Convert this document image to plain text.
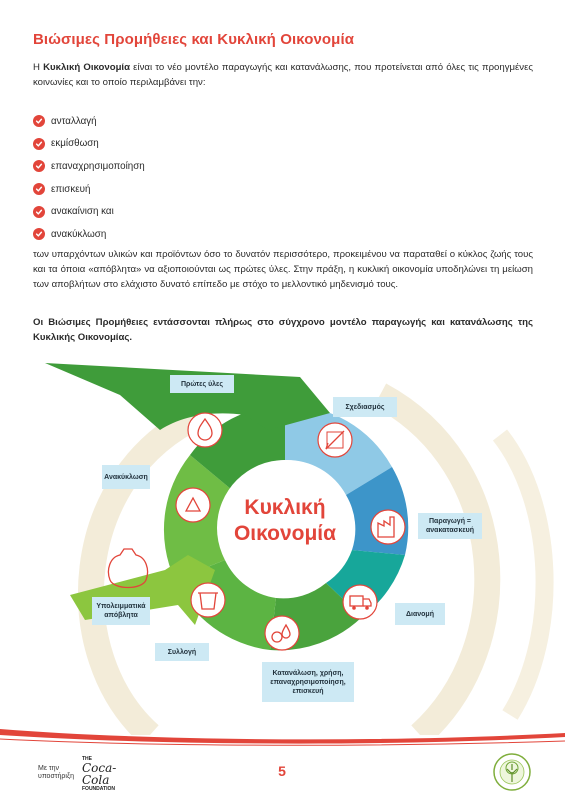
Βιώσιμες Προμήθειες και Κυκλική Οικονομία

Η Κυκλική Οικονομία είναι το νέο μοντέλο παραγωγής και κατανάλωσης, που προτείνεται από όλες τις προηγμένες κοινωνίες και το οποίο περιλαμβάνει την:

ανταλλαγή
εκμίσθωση
επαναχρησιμοποίηση
επισκευή
ανακαίνιση και
ανακύκλωση

των υπαρχόντων υλικών και προϊόντων όσο το δυνατόν περισσότερο, προκειμένου να παραταθεί ο κύκλος ζωής τους και τα όποια «απόβλητα» να αξιοποιούνται ως πρώτες ύλες. Στην πράξη, η κυκλική οικονομία υποδηλώνει τη μείωση των αποβλήτων στο ελάχιστο δυνατό επίπεδο με στόχο το μελλοντικό μηδενισμό τους.

Οι Βιώσιμες Προμήθειες εντάσσονται πλήρως στο σύγχρονο μοντέλο παραγωγής και κατανάλωσης της Κυκλικής Οικονομίας.

Κυκλική
Οικονομία
Πρώτες ύλες
Σχεδιασμός
Παραγωγή = ανακατασκευή
Διανομή
Κατανάλωση, χρήση, επαναχρησιμοποίηση, επισκευή
Συλλογή
Υπολειμματικά απόβλητα
Ανακύκλωση
Με την υποστήριξη
THE
Coca-Cola
FOUNDATION
5
